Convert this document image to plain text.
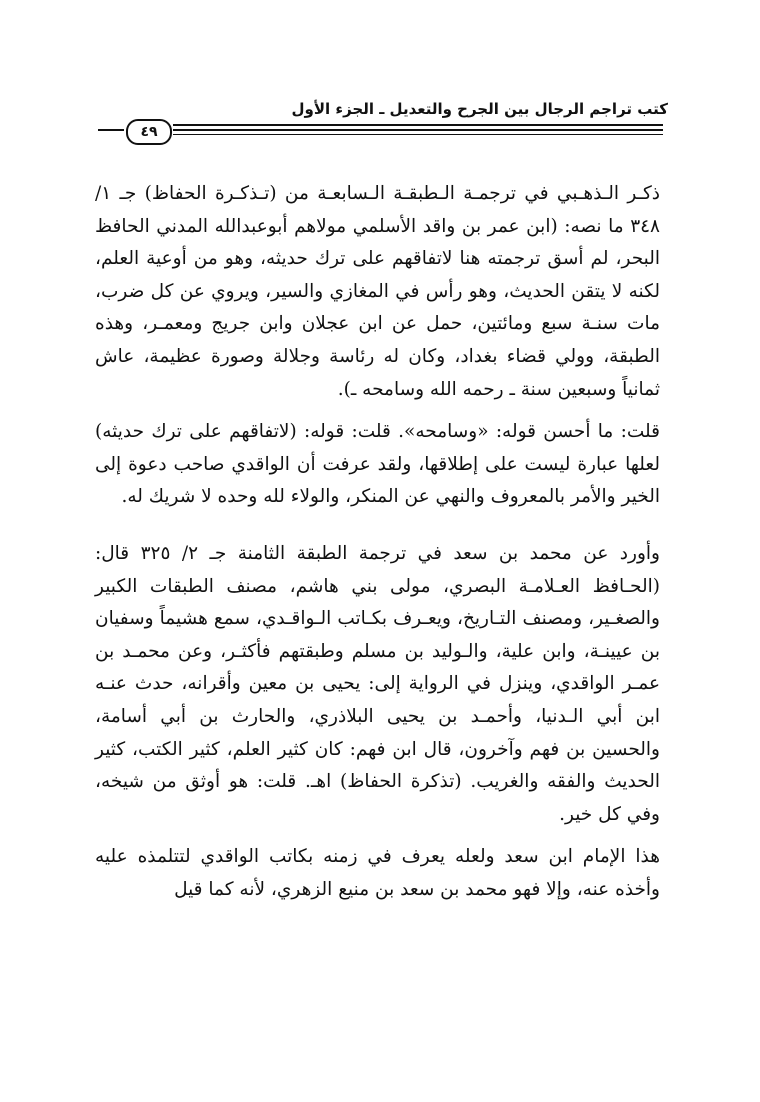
كتب تراجم الرجال بين الجرح والتعديل ـ الجزء الأول
٤٩

ذكـر الـذهـبي في ترجمـة الـطبقـة الـسابعـة من (تـذكـرة الحفاظ) جـ ١/ ٣٤٨ ما نصه: (ابن عمر بن واقد الأسلمي مولاهم أبوعبدالله المدني الحافظ البحر، لم أسق ترجمته هنا لاتفاقهم على ترك حديثه، وهو من أوعية العلم، لكنه لا يتقن الحديث، وهو رأس في المغازي والسير، ويروي عن كل ضرب، مات سنـة سبع ومائتين، حمل عن ابن عجلان وابن جريج ومعمـر، وهذه الطبقة، وولي قضاء بغداد، وكان له رئاسة وجلالة وصورة عظيمة، عاش ثمانياً وسبعين سنة ـ رحمه الله وسامحه ـ).

قلت: ما أحسن قوله: «وسامحه». قلت: قوله: (لاتفاقهم على ترك حديثه) لعلها عبارة ليست على إطلاقها، ولقد عرفت أن الواقدي صاحب دعوة إلى الخير والأمر بالمعروف والنهي عن المنكر، والولاء لله وحده لا شريك له.

وأورد عن محمد بن سعد في ترجمة الطبقة الثامنة جـ ٢/ ٣٢٥ قال: (الحـافظ العـلامـة البصري، مولى بني هاشم، مصنف الطبقات الكبير والصغـير، ومصنف التـاريخ، ويعـرف بكـاتب الـواقـدي، سمع هشيماً وسفيان بن عيينـة، وابن علية، والـوليد بن مسلم وطبقتهم فأكثـر، وعن محمـد بن عمـر الواقدي، وينزل في الرواية إلى: يحيى بن معين وأقرانه، حدث عنـه ابن أبي الـدنيا، وأحمـد بن يحيى البلاذري، والحارث بن أبي أسامة، والحسين بن فهم وآخرون، قال ابن فهم: كان كثير العلم، كثير الكتب، كثير الحديث والفقه والغريب. (تذكرة الحفاظ) اهـ. قلت: هو أوثق من شيخه، وفي كل خير.

هذا الإمام ابن سعد ولعله يعرف في زمنه بكاتب الواقدي لتتلمذه عليه وأخذه عنه، وإلا فهو محمد بن سعد بن منيع الزهري، لأنه كما قيل
